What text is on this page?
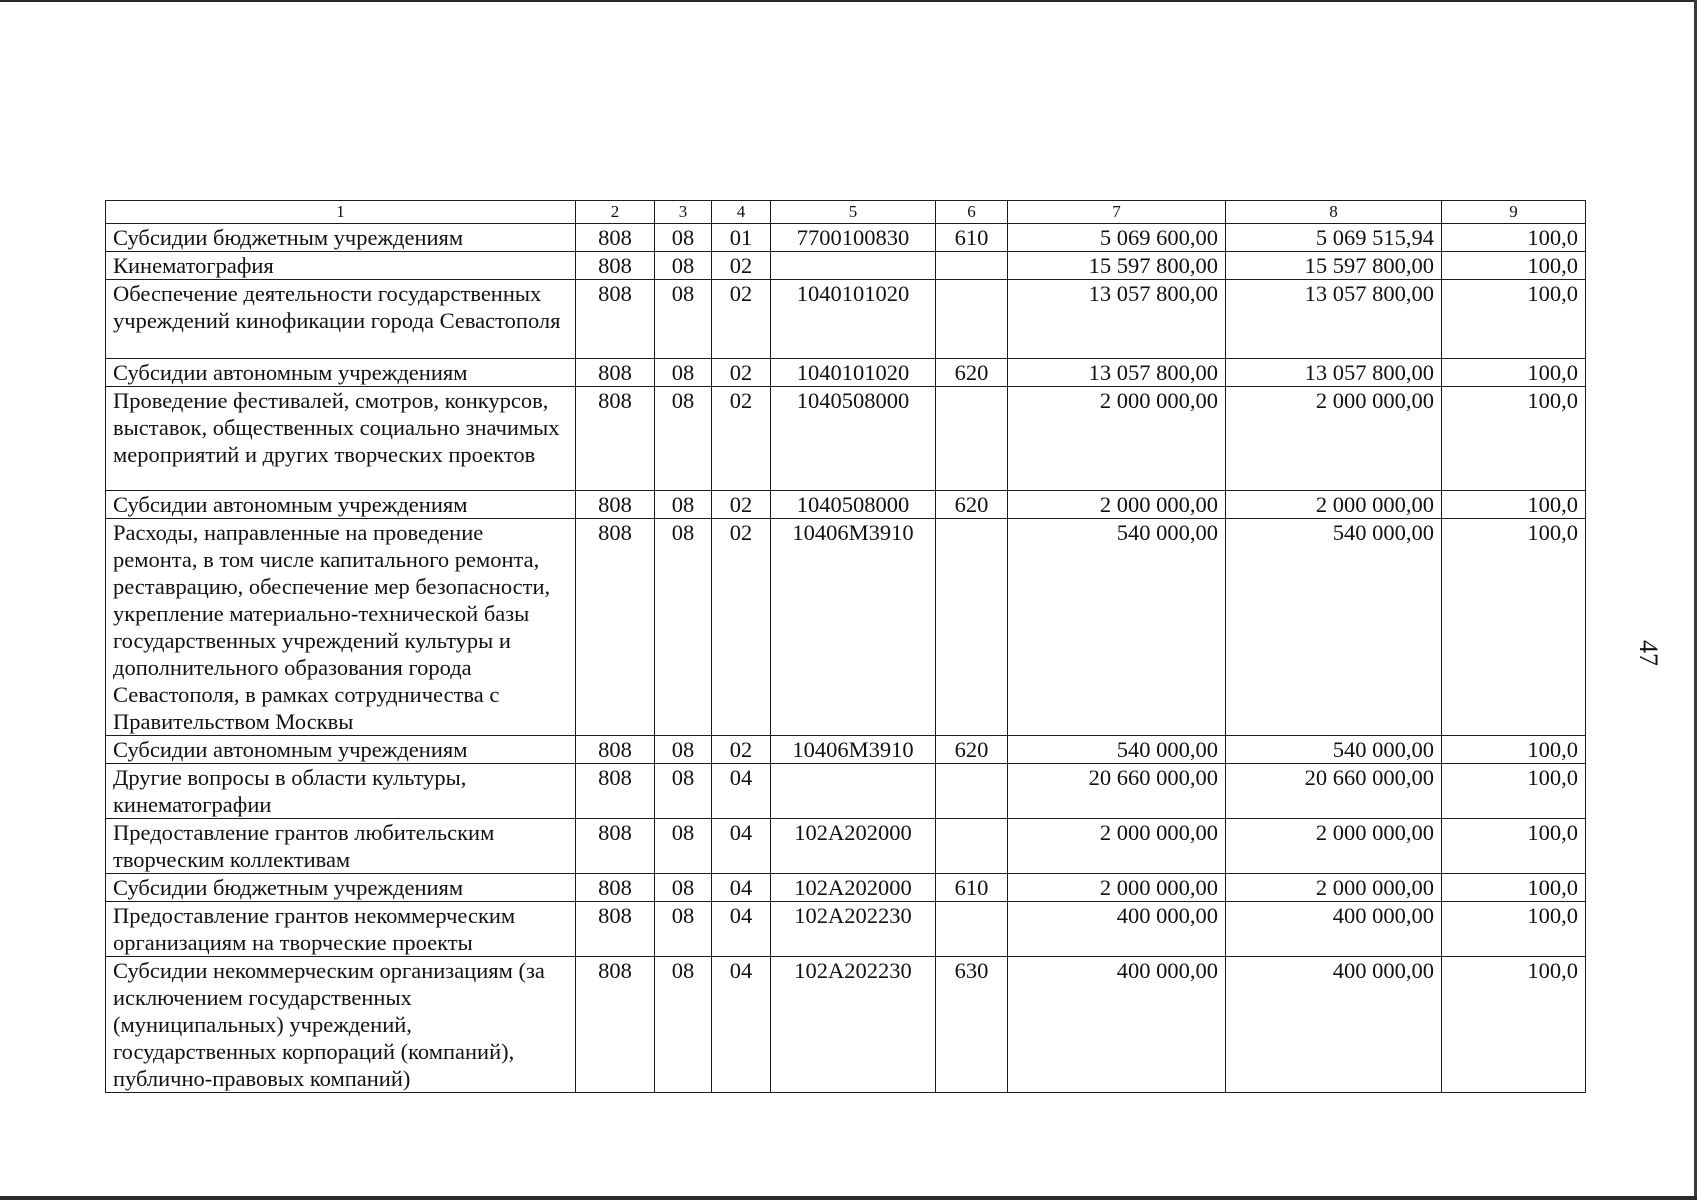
1	2	3	4	5	6	7	8	9
Субсидии бюджетным учреждениям	808	08	01	7700100830	610	5 069 600,00	5 069 515,94	100,0
Кинематография	808	08	02			15 597 800,00	15 597 800,00	100,0
Обеспечение деятельности государственных учреждений кинофикации города Севастополя	808	08	02	1040101020		13 057 800,00	13 057 800,00	100,0
Субсидии автономным учреждениям	808	08	02	1040101020	620	13 057 800,00	13 057 800,00	100,0
Проведение фестивалей, смотров, конкурсов, выставок, общественных социально значимых мероприятий и других творческих проектов	808	08	02	1040508000		2 000 000,00	2 000 000,00	100,0
Субсидии автономным учреждениям	808	08	02	1040508000	620	2 000 000,00	2 000 000,00	100,0
Расходы, направленные на проведение ремонта, в том числе капитального ремонта, реставрацию, обеспечение мер безопасности, укрепление материально-технической базы государственных учреждений культуры и дополнительного образования города Севастополя, в рамках сотрудничества с Правительством Москвы	808	08	02	10406М3910		540 000,00	540 000,00	100,0
Субсидии автономным учреждениям	808	08	02	10406М3910	620	540 000,00	540 000,00	100,0
Другие вопросы в области культуры, кинематографии	808	08	04			20 660 000,00	20 660 000,00	100,0
Предоставление грантов любительским творческим коллективам	808	08	04	102А202000		2 000 000,00	2 000 000,00	100,0
Субсидии бюджетным учреждениям	808	08	04	102А202000	610	2 000 000,00	2 000 000,00	100,0
Предоставление грантов некоммерческим организациям на творческие проекты	808	08	04	102А202230		400 000,00	400 000,00	100,0
Субсидии некоммерческим организациям (за исключением государственных (муниципальных) учреждений, государственных корпораций (компаний), публично-правовых компаний)	808	08	04	102А202230	630	400 000,00	400 000,00	100,0
47
